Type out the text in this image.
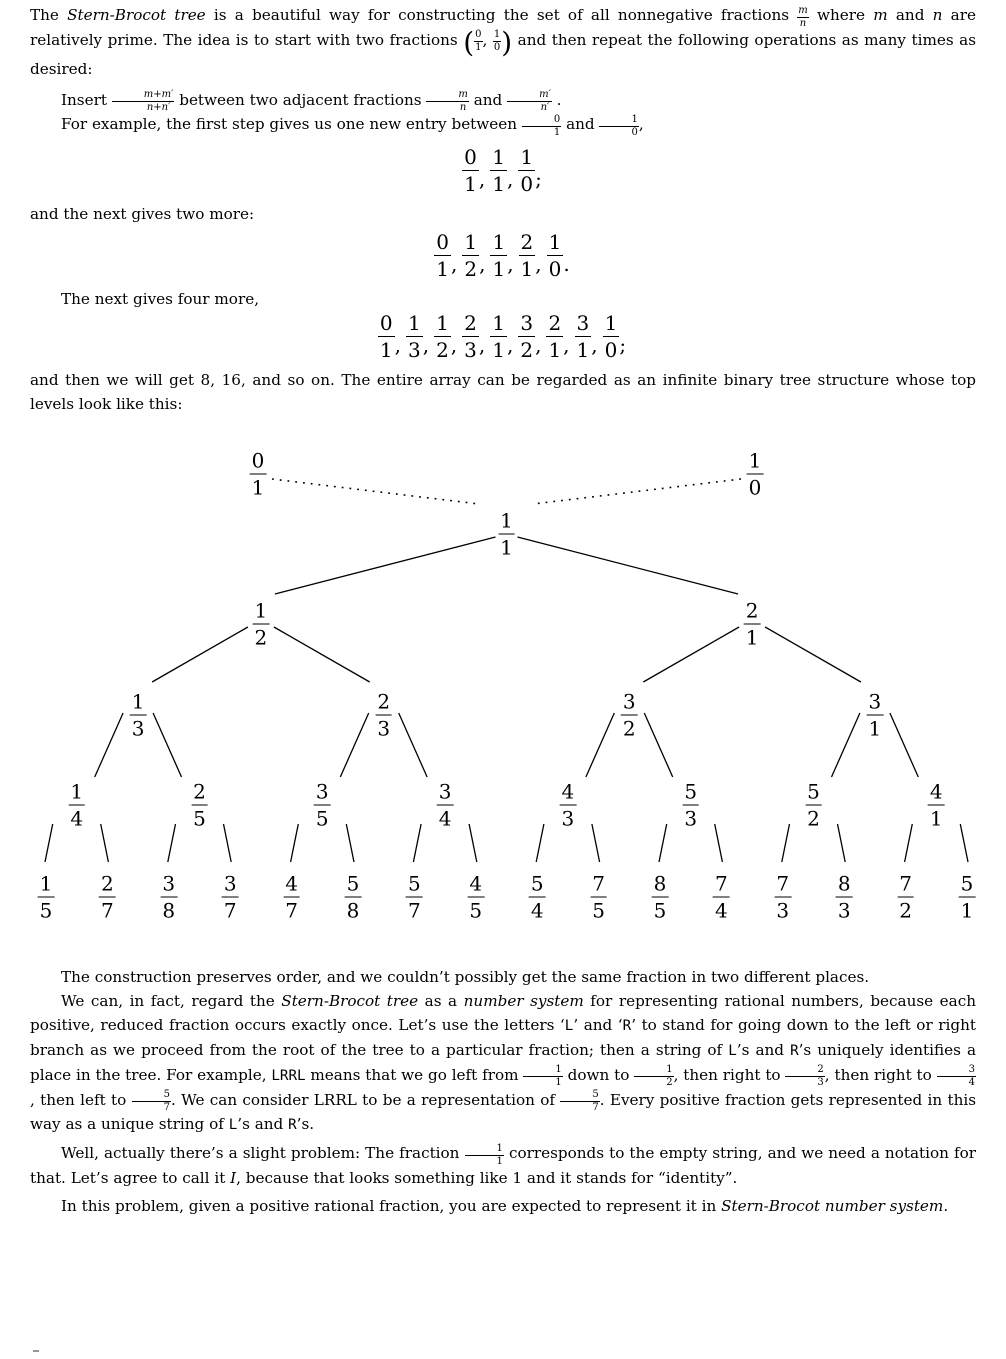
The Stern-Brocot tree is a beautiful way for constructing the set of all nonnegative fractions $\frac{m}{n}$ where m and n are relatively prime. The idea is to start with two fractions ( $\frac{0}{1}$ , $\frac{1}{0}$ ) and then repeat the following operations as many times as desired:

Insert $\frac{m+m'}{n+n'}$ between two adjacent fractions $\frac{m}{n}$ and $\frac{m'}{n'}$ .

For example, the first step gives us one new entry between $\frac{0}{1}$ and $\frac{1}{0}$ ,

$\frac{0}{1}$ , $\frac{1}{1}$ , $\frac{1}{0}$ ;

and the next gives two more:

$\frac{0}{1}$ , $\frac{1}{2}$ , $\frac{1}{1}$ , $\frac{2}{1}$ , $\frac{1}{0}$ .

The next gives four more,

$\frac{0}{1}$ , $\frac{1}{3}$ , $\frac{1}{2}$ , $\frac{2}{3}$ , $\frac{1}{1}$ , $\frac{3}{2}$ , $\frac{2}{1}$ , $\frac{3}{1}$ , $\frac{1}{0}$ ;

and then we will get 8, 16, and so on. The entire array can be regarded as an infinite binary tree structure whose top levels look like this:

0
1
1
0
1
1
1
2
2
1
1
3
2
3
3
2
3
1
1
4
2
5
3
5
3
4
4
3
5
3
5
2
4
1
1
5
2
7
3
8
3
7
4
7
5
8
5
7
4
5
5
4
7
5
8
5
7
4
7
3
8
3
7
2
5
1

The construction preserves order, and we couldn’t possibly get the same fraction in two different places.

We can, in fact, regard the Stern-Brocot tree as a number system for representing rational numbers, because each positive, reduced fraction occurs exactly once. Let’s use the letters ‘L’ and ‘R’ to stand for going down to the left or right branch as we proceed from the root of the tree to a particular fraction; then a string of L’s and R’s uniquely identifies a place in the tree. For example, LRRL means that we go left from $\frac{1}{1}$ down to $\frac{1}{2}$ , then right to $\frac{2}{3}$ , then right to $\frac{3}{4}$
, then left to $\frac{5}{7}$ . We can consider LRRL to be a representation of $\frac{5}{7}$ . Every positive fraction gets represented in this way as a unique string of L’s and R’s.

Well, actually there’s a slight problem: The fraction $\frac{1}{1}$ corresponds to the empty string, and we need a notation for that. Let’s agree to call it I, because that looks something like 1 and it stands for “identity”.

In this problem, given a positive rational fraction, you are expected to represent it in Stern-Brocot number system.
